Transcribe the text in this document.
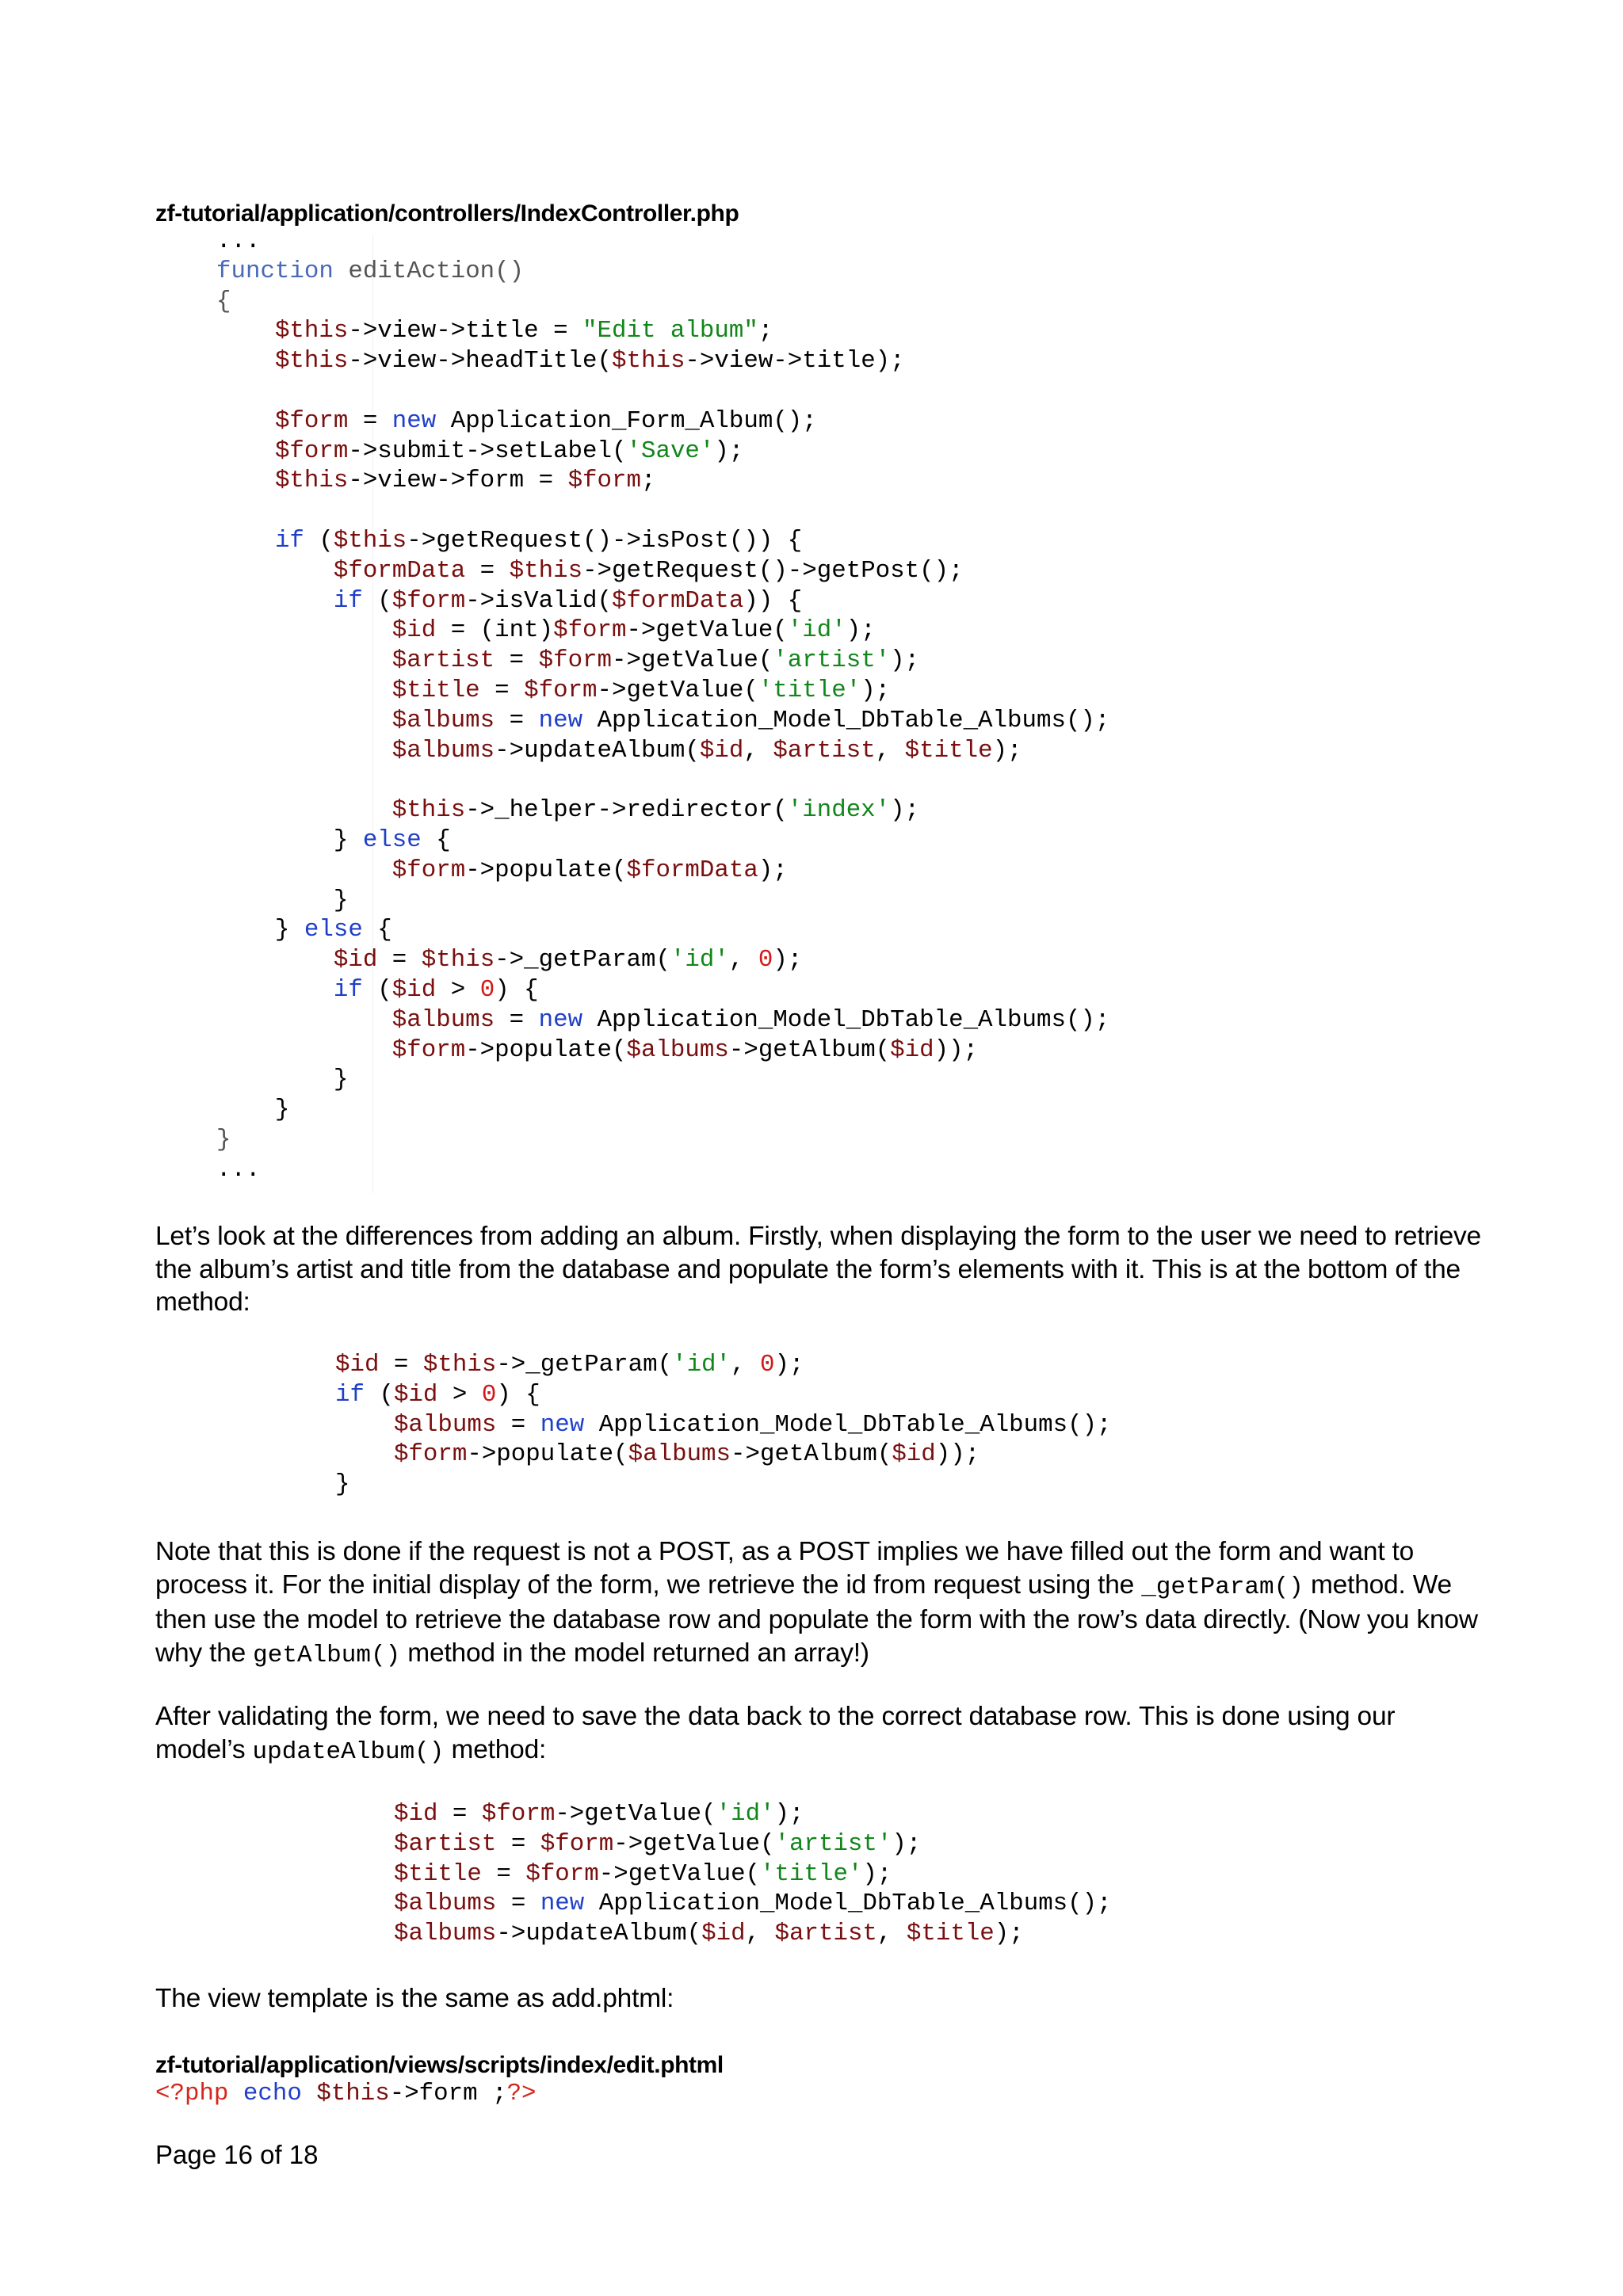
zf-tutorial/application/controllers/IndexController.php
...
function editAction()
{
$this->view->title = "Edit album";
$this->view->headTitle($this->view->title);
$form = new Application_Form_Album();
$form->submit->setLabel('Save');
$this->view->form = $form;
if ($this->getRequest()->isPost()) {
$formData = $this->getRequest()->getPost();
if ($form->isValid($formData)) {
$id = (int)$form->getValue('id');
$artist = $form->getValue('artist');
$title = $form->getValue('title');
$albums = new Application_Model_DbTable_Albums();
$albums->updateAlbum($id, $artist, $title);
$this->_helper->redirector('index');
} else {
$form->populate($formData);
}
} else {
$id = $this->_getParam('id', 0);
if ($id > 0) {
$albums = new Application_Model_DbTable_Albums();
$form->populate($albums->getAlbum($id));
}
}
}
...

Let’s look at the differences from adding an album. Firstly, when displaying the form to the user we need to retrieve the album’s artist and title from the database and populate the form’s elements with it. This is at the bottom of the method:

$id = $this->_getParam('id', 0);
if ($id > 0) {
$albums = new Application_Model_DbTable_Albums();
$form->populate($albums->getAlbum($id));
}

Note that this is done if the request is not a POST, as a POST implies we have filled out the form and want to process it. For the initial display of the form, we retrieve the id from request using the _getParam() method. We then use the model to retrieve the database row and populate the form with the row’s data directly. (Now you know why the getAlbum() method in the model returned an array!)

After validating the form, we need to save the data back to the correct database row. This is done using our model’s updateAlbum() method:

$id = $form->getValue('id');
$artist = $form->getValue('artist');
$title = $form->getValue('title');
$albums = new Application_Model_DbTable_Albums();
$albums->updateAlbum($id, $artist, $title);

The view template is the same as add.phtml:

zf-tutorial/application/views/scripts/index/edit.phtml
<?php echo $this->form ;?>
Page 16 of 18
